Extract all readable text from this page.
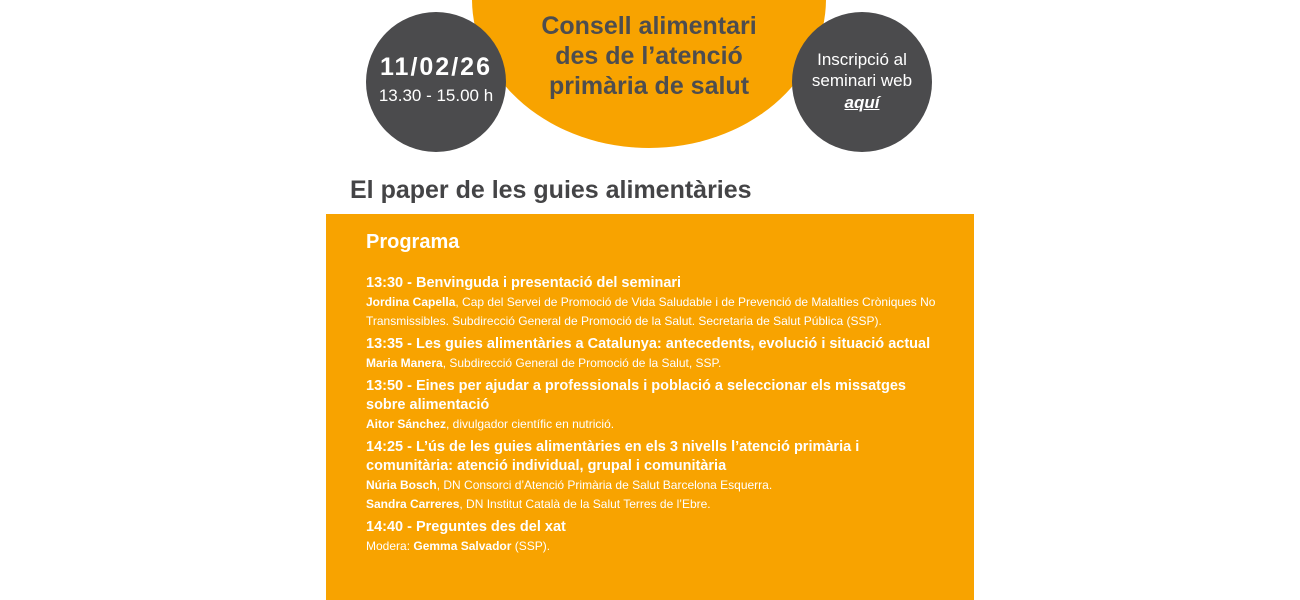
Consell alimentari
des de l’atenció
primària de salut
11/02/26
13.30 - 15.00 h
Inscripció al
seminari web
aquí
El paper de les guies alimentàries
Programa
13:30 - Benvinguda i presentació del seminari
Jordina Capella, Cap del Servei de Promoció de Vida Saludable i de Prevenció de Malalties Cròniques No Transmissibles. Subdirecció General de Promoció de la Salut. Secretaria de Salut Pública (SSP).
13:35 - Les guies alimentàries a Catalunya: antecedents, evolució i situació actual
Maria Manera, Subdirecció General de Promoció de la Salut, SSP.
13:50 - Eines per ajudar a professionals i població a seleccionar els missatges sobre alimentació
Aitor Sánchez, divulgador científic en nutrició.
14:25 - L’ús de les guies alimentàries en els 3 nivells l’atenció primària i comunitària: atenció individual, grupal i comunitària
Núria Bosch, DN Consorci d’Atenció Primària de Salut Barcelona Esquerra.
Sandra Carreres, DN Institut Català de la Salut Terres de l’Ebre.
14:40 - Preguntes des del xat
Modera: Gemma Salvador (SSP).
